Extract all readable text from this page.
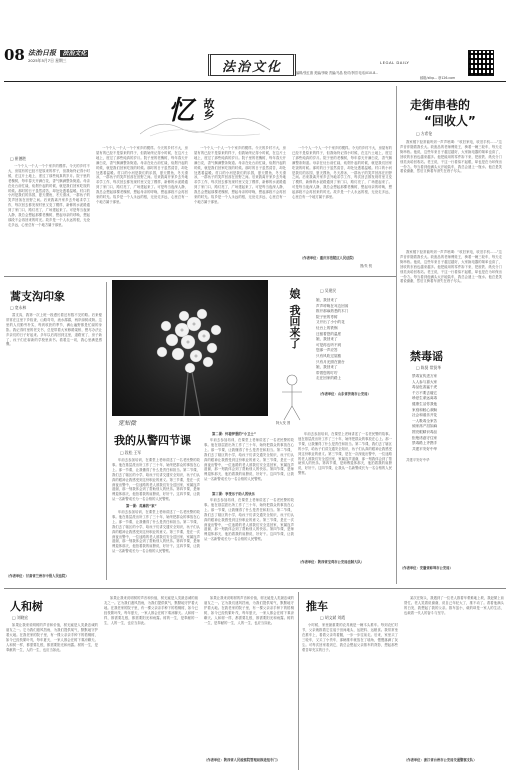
08 法治日报 法治文化
2025年5月7日 星期三	法治文化	LEGAL DAILY
编辑/张红旗 美编/李晓 责编/马晶 校对/李国 电话/010-8...
邮箱/xlkp... @126.com
忆 故乡
□ 崔德胜

一个个人一个人一个个家乡的模样。今天的乡村不大，房屋有的已经不是原来的样子，但我始终记得小时候，在这片土地上，度过了那些纯真的岁月。院子里的老槐树，每年春天开满白花，香气飘满整条街道。母亲在灶台前忙碌，炊烟升起的时候，就是我们回家吃饭的时候。那时的日子虽然清苦，却处处透着温暖。村口的小河是我们的乐园，夏天摸鱼，冬天滑冰，一群孩子的笑声回荡在田野之间。后来我离开家乡去外地求学工作，每次回去都发现村里又变了模样，新修的水泥路通到了家门口，路灯亮了，广场建起来了。可是每当夜深人静，我总会想起那棵老槐树，想起母亲的呼唤，想起那段不会再回来的时光。故乡是一个人永远的根，无论走多远，心里总有一个地方属于那里。

一个个人一个人一个个家乡的模样。今天的乡村不大，房屋有的已经不是原来的样子，但我始终记得小时候，在这片土地上，度过了那些纯真的岁月。院子里的老槐树，每年春天开满白花，香气飘满整条街道。母亲在灶台前忙碌，炊烟升起的时候，就是我们回家吃饭的时候。那时的日子虽然清苦，却处处透着温暖。村口的小河是我们的乐园，夏天摸鱼，冬天滑冰，一群孩子的笑声回荡在田野之间。后来我离开家乡去外地求学工作，每次回去都发现村里又变了模样，新修的水泥路通到了家门口，路灯亮了，广场建起来了。可是每当夜深人静，我总会想起那棵老槐树，想起母亲的呼唤，想起那段不会再回来的时光。故乡是一个人永远的根，无论走多远，心里总有一个地方属于那里。

一个个人一个人一个个家乡的模样。今天的乡村不大，房屋有的已经不是原来的样子，但我始终记得小时候，在这片土地上，度过了那些纯真的岁月。院子里的老槐树，每年春天开满白花，香气飘满整条街道。母亲在灶台前忙碌，炊烟升起的时候，就是我们回家吃饭的时候。那时的日子虽然清苦，却处处透着温暖。村口的小河是我们的乐园，夏天摸鱼，冬天滑冰，一群孩子的笑声回荡在田野之间。后来我离开家乡去外地求学工作，每次回去都发现村里又变了模样，新修的水泥路通到了家门口，路灯亮了，广场建起来了。可是每当夜深人静，我总会想起那棵老槐树，想起母亲的呼唤，想起那段不会再回来的时光。故乡是一个人永远的根，无论走多远，心里总有一个地方属于那里。

一个个人一个人一个个家乡的模样。今天的乡村不大，房屋有的已经不是原来的样子，但我始终记得小时候，在这片土地上，度过了那些纯真的岁月。院子里的老槐树，每年春天开满白花，香气飘满整条街道。母亲在灶台前忙碌，炊烟升起的时候，就是我们回家吃饭的时候。那时的日子虽然清苦，却处处透着温暖。村口的小河是我们的乐园，夏天摸鱼，冬天滑冰，一群孩子的笑声回荡在田野之间。后来我离开家乡去外地求学工作，每次回去都发现村里又变了模样，新修的水泥路通到了家门口，路灯亮了，广场建起来了。可是每当夜深人静，我总会想起那棵老槐树，想起母亲的呼唤，想起那段不会再回来的时光。故乡是一个人永远的根，无论走多远，心里总有一个地方属于那里。

走街串巷的
“回收人”
□ 方希伦

我家楼下经常能听到一声声吆喝：“收旧家电，收旧手机……”这声音伴随着我长大。收废品的老师傅姓王，骑着一辆三轮车，每天走街串巷。他说，这些年来日子越过越好，大家换电器的频率也高了，回收的东西也越来越多。他把能用的零件拆下来，把废铁、纸壳分门别类卖给回收站。老王说，干这一行看似不起眼，却也是在为环保出一份力。每当看到他满头大汗地装车，我总会递上一瓶水。他总是笑着说谢谢，然后又骑着车消失在巷子尽头。

我家楼下经常能听到一声声吆喝：“收旧家电，收旧手机……”这声音伴随着我长大。收废品的老师傅姓王，骑着一辆三轮车，每天走街串巷。他说，这些年来日子越过越好，大家换电器的频率也高了，回收的东西也越来越多。他把能用的零件拆下来，把废铁、纸壳分门别类卖给回收站。老王说，干这一行看似不起眼，却也是在为环保出一份力。每当看到他满头大汗地装车，我总会递上一瓶水。他总是笑着说谢谢，然后又骑着车消失在巷子尽头。

（作者单位：重庆市涪陵区人民法院）
图/朱 锐
蒿支沟印象
□ 宽永林

蒿支沟，我第一次上班一段漫长着还有数不完的路。后来便常常在这里下乡检查，山路弯弯，流水潺潺，两岸绿树成荫。这里的人们勤劳朴实，每到收获的季节，满山遍野都是忙碌的身影。我记得村里的老支书，总是带着大家修路架桥，想尽办法让乡亲们的日子好起来。多年以后再回到这里，道路宽了，房子新了，孩子们在崭新的学校里读书。看着这一切，我心里满是感慨。

（作者单位：甘肃省兰州市中级人民法院）
宽知微
娘 我回来了
阿大发 图
□ 吴建民
娘，我回来了
声声呼唤在耳边回荡
推开那扇熟悉的木门
院子里的枣树
又开出了小小的花
灶台上的铁锅
还留着您的温度
娘，我回来了
可是再也听不到
您那一声应答
只有风吹过屋檐
只有月光照在窗台
娘，我回来了
带着您的叮咛
走在回家的路上
（作者单位：山东省济南市公安局）
禁毒谣
□ 陈贤 常贤华
禁毒宣传进万家
人人参与靠大家
毒品危害猛于虎
千万不要去碰它
珍爱生命远离毒
健康生活你我他
家庭和睦心欢畅
社会和谐乐开花
一人吸毒全家苦
倾家荡产泪如麻
擦亮眼睛识毒品
拒绝诱惑守住家
禁毒路上齐携手
共建平安好中华

共建平安好中华

（作者单位：安徽省蚌埠市公安局）
我的从警四节课
□ 段松 王军

年前去参加培训，在课堂上老师讲述了一名老民警的故事。他在基层派出所工作了三十年，始终把群众的事放在心上。那一节课，让我懂得了什么是责任和担当。第二节课，我们去了辖区的小学，给孩子们讲交通安全知识，孩子们认真的眼神让我感受到这份职业的意义。第三节课，是在一次深夜出警中，一位迷路的老人被我们安全送回家，家属连声道谢，那一刻我体会到了帮助别人的快乐。第四节课，是师傅退休那天，他拍着我的肩膀说，好好干。这四节课，让我从一名新警成长为一名合格的人民警察。

第一课：英雄的“家”

年前去参加培训，在课堂上老师讲述了一名老民警的故事。他在基层派出所工作了三十年，始终把群众的事放在心上。那一节课，让我懂得了什么是责任和担当。第二节课，我们去了辖区的小学，给孩子们讲交通安全知识，孩子们认真的眼神让我感受到这份职业的意义。第三节课，是在一次深夜出警中，一位迷路的老人被我们安全送回家，家属连声道谢，那一刻我体会到了帮助别人的快乐。第四节课，是师傅退休那天，他拍着我的肩膀说，好好干。这四节课，让我从一名新警成长为一名合格的人民警察。

第二课：怀着梦想的“小卫士”

年前去参加培训，在课堂上老师讲述了一名老民警的故事。他在基层派出所工作了三十年，始终把群众的事放在心上。那一节课，让我懂得了什么是责任和担当。第二节课，我们去了辖区的小学，给孩子们讲交通安全知识，孩子们认真的眼神让我感受到这份职业的意义。第三节课，是在一次深夜出警中，一位迷路的老人被我们安全送回家，家属连声道谢，那一刻我体会到了帮助别人的快乐。第四节课，是师傅退休那天，他拍着我的肩膀说，好好干。这四节课，让我从一名新警成长为一名合格的人民警察。

第三课：享受乐于助人的快乐

年前去参加培训，在课堂上老师讲述了一名老民警的故事。他在基层派出所工作了三十年，始终把群众的事放在心上。那一节课，让我懂得了什么是责任和担当。第二节课，我们去了辖区的小学，给孩子们讲交通安全知识，孩子们认真的眼神让我感受到这份职业的意义。第三节课，是在一次深夜出警中，一位迷路的老人被我们安全送回家，家属连声道谢，那一刻我体会到了帮助别人的快乐。第四节课，是师傅退休那天，他拍着我的肩膀说，好好干。这四节课，让我从一名新警成长为一名合格的人民警察。

年前去参加培训，在课堂上老师讲述了一名老民警的故事。他在基层派出所工作了三十年，始终把群众的事放在心上。那一节课，让我懂得了什么是责任和担当。第二节课，我们去了辖区的小学，给孩子们讲交通安全知识，孩子们认真的眼神让我感受到这份职业的意义。第三节课，是在一次深夜出警中，一位迷路的老人被我们安全送回家，家属连声道谢，那一刻我体会到了帮助别人的快乐。第四节课，是师傅退休那天，他拍着我的肩膀说，好好干。这四节课，让我从一名新警成长为一名合格的人民警察。

（作者单位：陕西省宝鸡市公安局法制大队）
人和树
□ 刘晓宏

如果让我来说明树的声音和价值，树无疑是人类最忠诚的朋友之一。它为我们遮风挡雨，为我们提供氧气，默默地守护着大地。在我老家的院子里，有一棵父亲亲手种下的梧桐树，如今已经枝繁叶茂，每年夏天，一家人都会在树下乘凉聊天。人和树一样，都需要扎根，都需要阳光和雨露。树的一生，是奉献的一生，人的一生，也应当如此。

如果让我来说明树的声音和价值，树无疑是人类最忠诚的朋友之一。它为我们遮风挡雨，为我们提供氧气，默默地守护着大地。在我老家的院子里，有一棵父亲亲手种下的梧桐树，如今已经枝繁叶茂，每年夏天，一家人都会在树下乘凉聊天。人和树一样，都需要扎根，都需要阳光和雨露。树的一生，是奉献的一生，人的一生，也应当如此。

如果让我来说明树的声音和价值，树无疑是人类最忠诚的朋友之一。它为我们遮风挡雨，为我们提供氧气，默默地守护着大地。在我老家的院子里，有一棵父亲亲手种下的梧桐树，如今已经枝繁叶茂，每年夏天，一家人都会在树下乘凉聊天。人和树一样，都需要扎根，都需要阳光和雨露。树的一生，是奉献的一生，人的一生，也应当如此。

（作者单位：陕西省人民检察院管理局推进组专门）
推车
□ 胡文斌 刘霞

小时候，家里最重要的农具就是一辆木头推车。每到农忙时节，父亲就推着它往返于田间地头，运肥料、运粮食。我常常坐在推车上，看着父亲弯着腰，一步一步往前走。后来，家里买了三轮车，又买了小货车，那辆推车就放在了墙角，慢慢落满了灰尘。可每次回家看到它，我总会想起父亲推车的背影，想起那些艰苦却充实的日子。

某次在街头，我遇到了一位老人推着车艰难地上坡，我赶紧上前帮忙。老人笑着说谢谢，说自己年纪大了，推不动了。看着他满头的白发，我想起了我的父亲。推车虽小，载的却是一家人的生活，也载着一代人的奋斗与坚守。

（作者单位：浙江省台州市公安局交通警察支队）
